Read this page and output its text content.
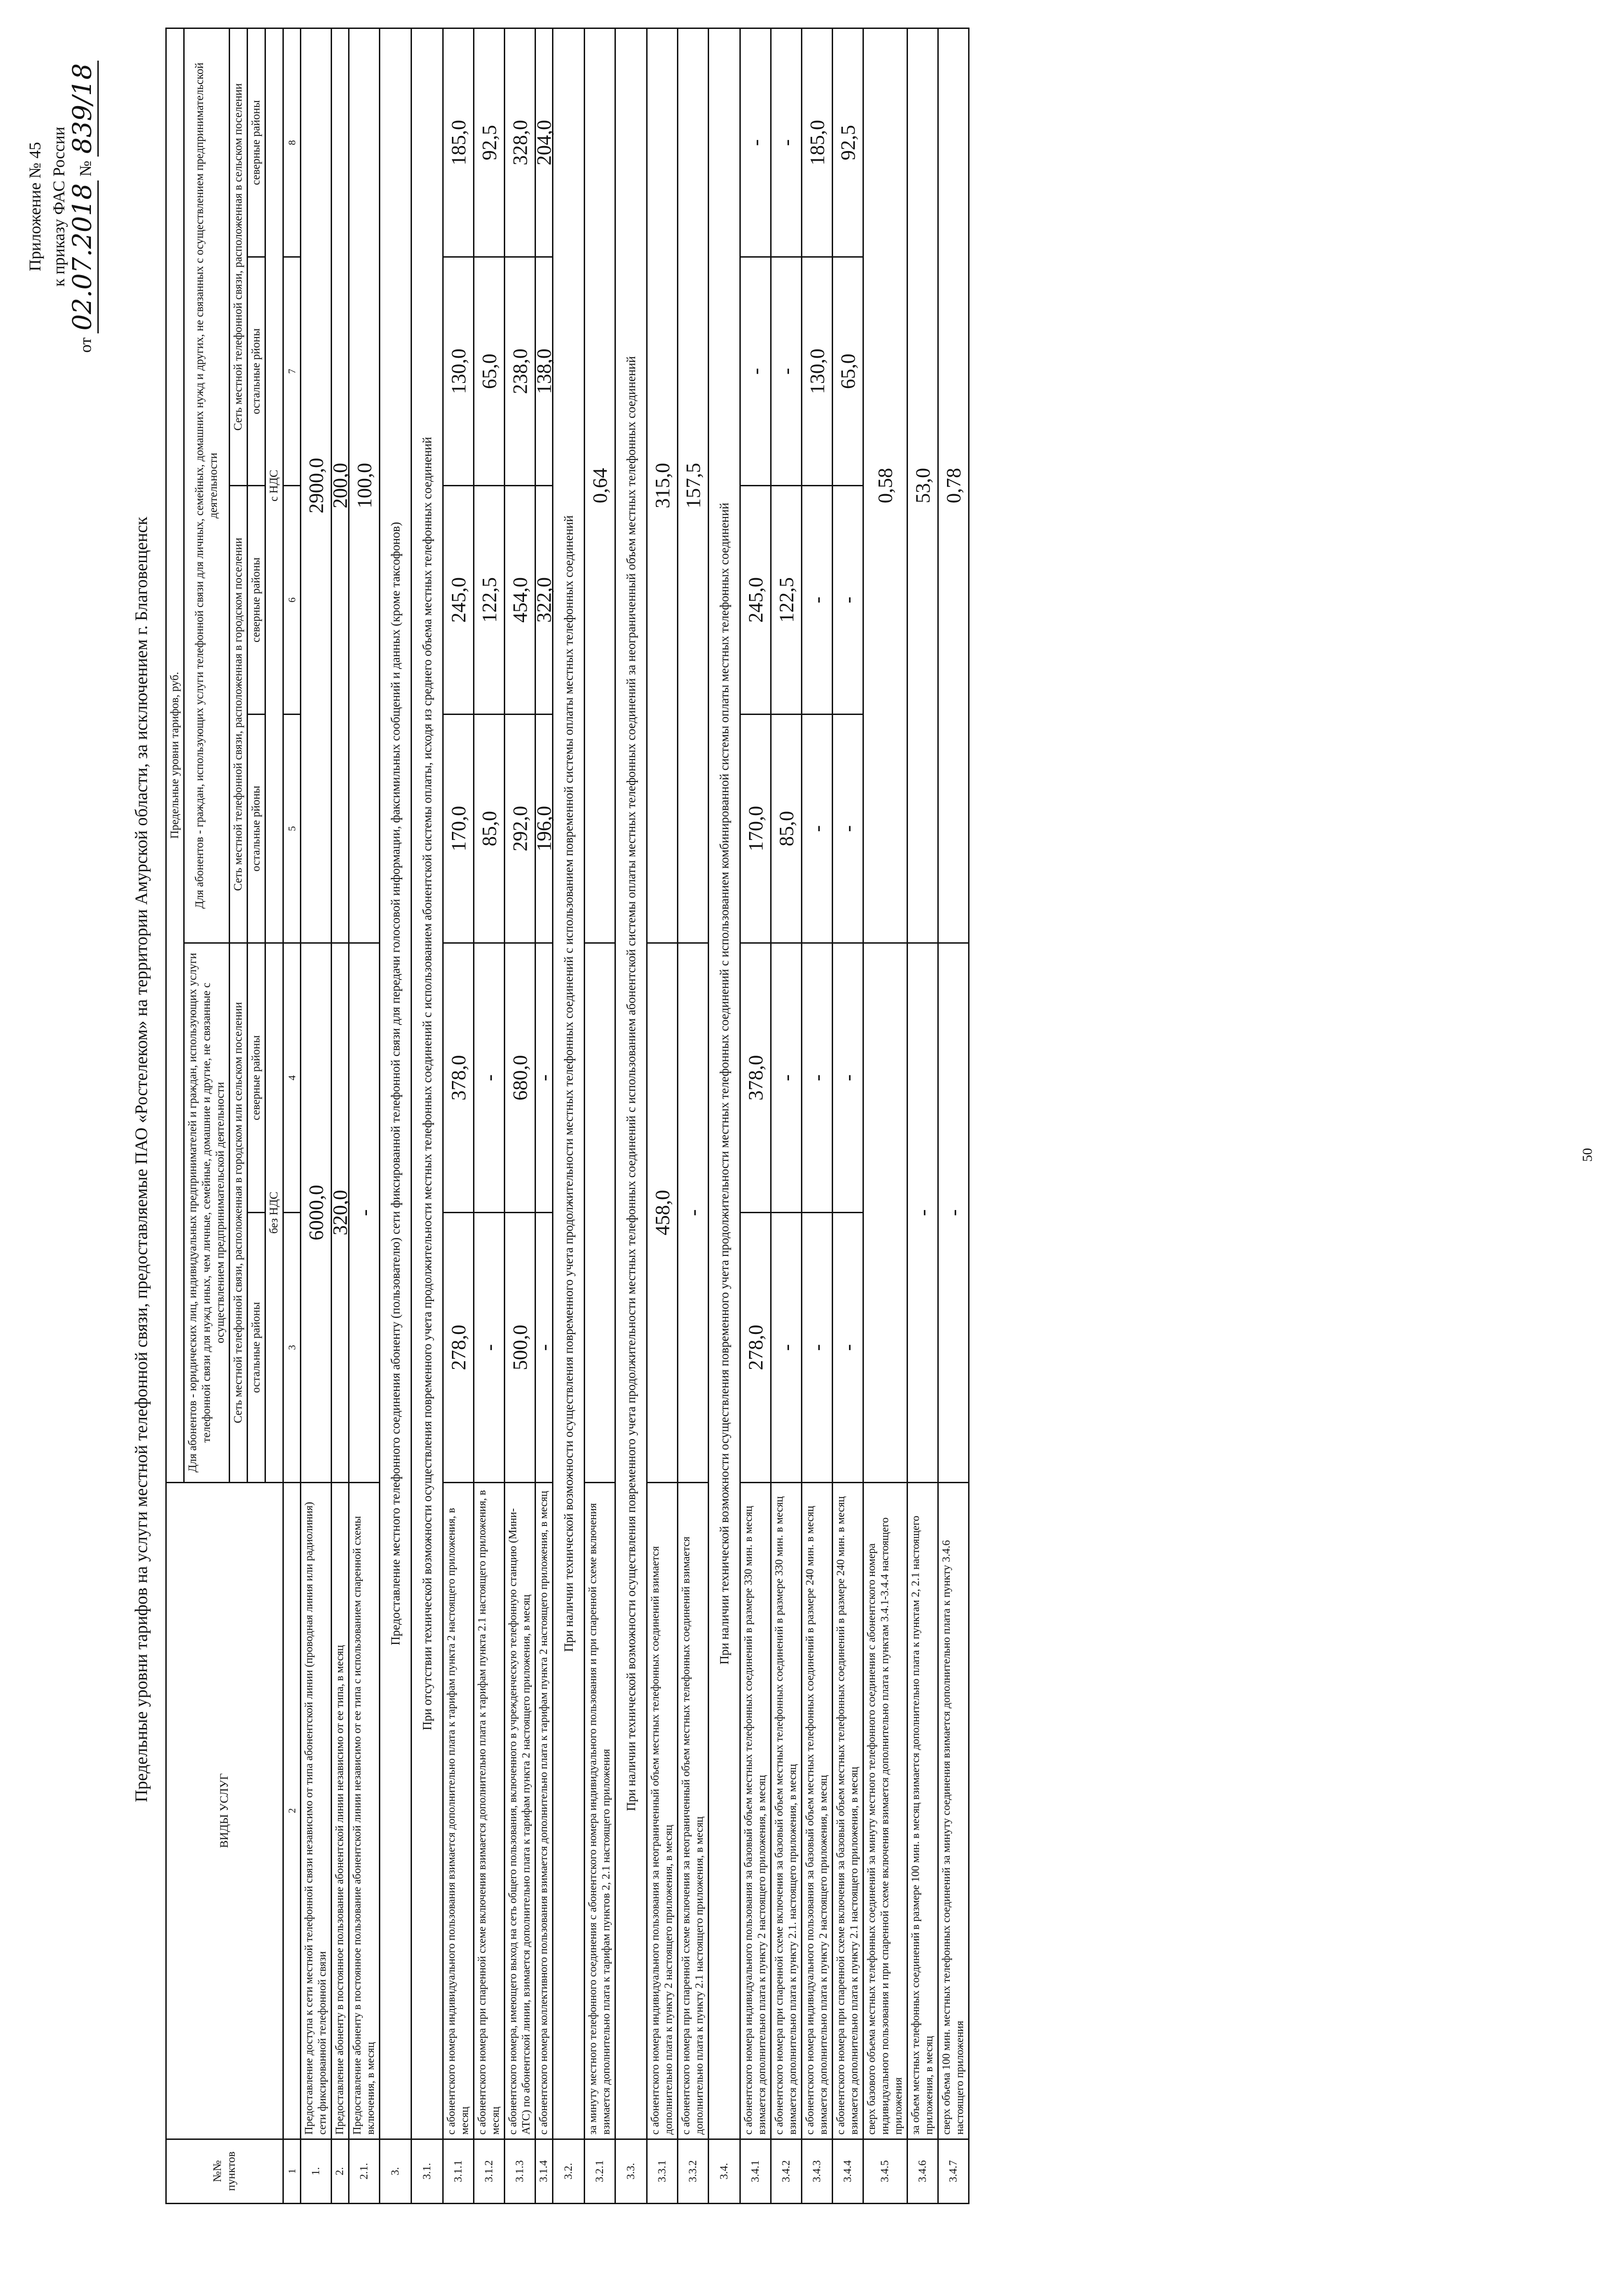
Приложение № 45 к приказу ФАС России
от 02.07.2018 № 839/18
Предельные уровни тарифов на услуги местной телефонной связи, предоставляемые ПАО «Ростелеком» на территории Амурской области, за исключением г. Благовещенск
№№ пунктов	ВИДЫ УСЛУГ	Предельные уровни тарифов, руб.					
		Для абонентов - юридических лиц, индивидуальных предпринимателей и граждан, использующих услуги телефонной связи для нужд иных, чем личные, семейные, домашние и другие, не связанные с осуществлением предпринимательской деятельности		Для абонентов - граждан, использующих услуги телефонной связи для личных, семейных, домашних нужд и других, не связанных с осуществлением предпринимательской деятельности			
		Сеть местной телефонной связи, расположенная в городском или сельском поселении		Сеть местной телефонной связи, расположенная в городском поселении		Сеть местной телефонной связи, расположенная в сельском поселении	
		остальные районы	северные районы	остальные рйоны	северные районы	остальные рйоны	северные районы
		без НДС		с НДС			
1	2	3	4	5	6	7	8
1.	Предоставление доступа к сети местной телефонной связи независимо от типа абонентской линии (проводная линия или радиолиния) сети фиксированной телефонной связи	6000,0		2900,0			
2.	Предоставление абоненту в постоянное пользование абонентской линии независимо от ее типа, в месяц	320,0		200,0			
2.1.	Предоставление абоненту в постоянное пользование абонентской линии независимо от ее типа с использованием спаренной схемы включения, в месяц	-		100,0			
3.	Предоставление местного телефонного соединения абоненту (пользователю) сети фиксированной телефонной связи для передачи голосовой информации, факсимильных сообщений и данных (кроме таксофонов)						
3.1.	При отсутствии технической возможности осуществления повременного учета продолжительности местных телефонных соединений с использованием абонентской системы оплаты, исходя из среднего объема местных телефонных соединений						
3.1.1	с абонентского номера индивидуального пользования взимается дополнительно плата к тарифам пункта 2 настоящего приложения, в месяц	278,0	378,0	170,0	245,0	130,0	185,0
3.1.2	с абонентского номера при спаренной схеме включения взимается дополнительно плата к тарифам пункта 2.1 настоящего приложения, в месяц	-	-	85,0	122,5	65,0	92,5
3.1.3	с абонентского номера, имеющего выход на сеть общего пользования, включенного в учрежденческую телефонную станцию (Мини-АТС) по абонентской линии, взимается дополнительно плата к тарифам пункта 2 настоящего приложения, в месяц	500,0	680,0	292,0	454,0	238,0	328,0
3.1.4	с абонентского номера коллективного пользования взимается дополнительно плата к тарифам пункта 2 настоящего приложения, в месяц	-	-	196,0	322,0	138,0	204,0
3.2.	При наличии технической возможности осуществления повременного учета продолжительности местных телефонных соединений с использованием повременной системы оплаты местных телефонных соединений						
3.2.1	за минуту местного телефонного соединения с абонентского номера индивидуального пользования и при спаренной схеме включения взимается дополнительно плата к тарифам пунктов 2, 2.1 настоящего приложения			0,64			
3.3.	При наличии технической возможности осуществления повременного учета продолжительности местных телефонных соединений с использованием абонентской системы оплаты местных телефонных соединений за неограниченный объем местных телефонных соединений						
3.3.1	с абонентского номера индивидуального пользования за неограниченный объем местных телефонных соединений взимается дополнительно плата к пункту 2 настоящего приложения, в месяц	458,0		315,0			
3.3.2	с абонентского номера при спаренной схеме включения за неограниченный объем местных телефонных соединений взимается дополнительно плата к пункту 2.1 настоящего приложения, в месяц	-		157,5			
3.4.	При наличии технической возможности осуществления повременного учета продолжительности местных телефонных соединений с использованием комбинированной системы оплаты местных телефонных соединений						
3.4.1	с абонентского номера индивидуального пользования за базовый объем местных телефонных соединений в размере 330 мин. в месяц взимается дополнительно плата к пункту 2 настоящего приложения, в месяц	278,0	378,0	170,0	245,0	-	-
3.4.2	с абонентского номера при спаренной схеме включения за базовый объем местных телефонных соединений в размере 330 мин. в месяц взимается дополнительно плата к пункту 2.1. настоящего приложения, в месяц	-	-	85,0	122,5	-	-
3.4.3	с абонентского номера индивидуального пользования за базовый объем местных телефонных соединений в размере 240 мин. в месяц взимается дополнительно плата к пункту 2 настоящего приложения, в месяц	-	-	-	-	130,0	185,0
3.4.4	с абонентского номера при спаренной схеме включения за базовый объем местных телефонных соединений в размере 240 мин. в месяц взимается дополнительно плата к пункту 2.1 настоящего приложения, в месяц	-	-	-	-	65,0	92,5
3.4.5	сверх базового объема местных телефонных соединений за минуту местного телефонного соединения с абонентского номера индивидуального пользования и при спаренной схеме включения взимается дополнительно плата к пунктам 3.4.1-3.4.4 настоящего приложения			0,58			
3.4.6	за объем местных телефонных соединений в размере 100 мин. в месяц взимается дополнительно плата к пунктам 2, 2.1 настоящего приложения, в месяц	-		53,0			
3.4.7	сверх объема 100 мин. местных телефонных соединений за минуту соединения взимается дополнительно плата к пункту 3.4.6 настоящего приложения	-		0,78			
50
